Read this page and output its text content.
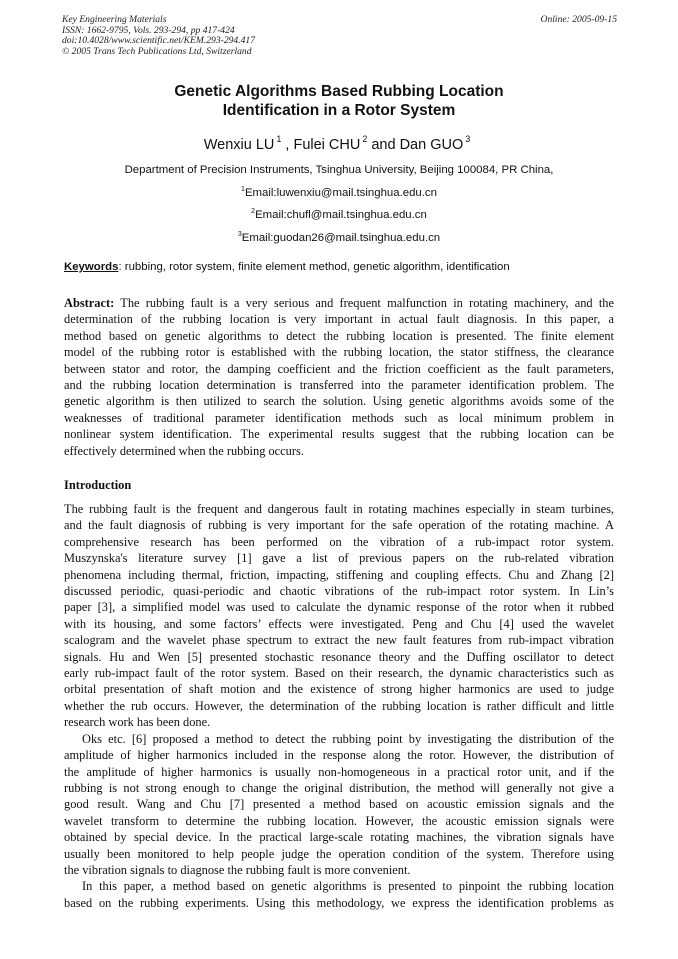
Key Engineering Materials
ISSN: 1662-9795, Vols. 293-294, pp 417-424
doi:10.4028/www.scientific.net/KEM.293-294.417
© 2005 Trans Tech Publications Ltd, Switzerland
Online: 2005-09-15
Genetic Algorithms Based Rubbing Location
Identification in a Rotor System
Wenxiu LU $^1$ , Fulei CHU $^2$ and Dan GUO $^3$
Department of Precision Instruments, Tsinghua University, Beijing 100084, PR China,
$^1$Email:luwenxiu@mail.tsinghua.edu.cn
$^2$Email:chufl@mail.tsinghua.edu.cn
$^3$Email:guodan26@mail.tsinghua.edu.cn
Keywords: rubbing, rotor system, finite element method, genetic algorithm, identification
Abstract: The rubbing fault is a very serious and frequent malfunction in rotating machinery, and the
determination of the rubbing location is very important in actual fault diagnosis. In this paper, a
method based on genetic algorithms to detect the rubbing location is presented. The finite element
model of the rubbing rotor is established with the rubbing location, the stator stiffness, the clearance
between stator and rotor, the damping coefficient and the friction coefficient as the fault parameters,
and the rubbing location determination is transferred into the parameter identification problem. The
genetic algorithm is then utilized to search the solution. Using genetic algorithms avoids some of the
weaknesses of traditional parameter identification methods such as local minimum problem in
nonlinear system identification. The experimental results suggest that the rubbing location can be
effectively determined when the rubbing occurs.
Introduction
The rubbing fault is the frequent and dangerous fault in rotating machines especially in steam turbines,
and the fault diagnosis of rubbing is very important for the safe operation of the rotating machine. A
comprehensive research has been performed on the vibration of a rub-impact rotor system.
Muszynska's literature survey [1] gave a list of previous papers on the rub-related vibration
phenomena including thermal, friction, impacting, stiffening and coupling effects. Chu and Zhang [2]
discussed periodic, quasi-periodic and chaotic vibrations of the rub-impact rotor system. In Lin’s
paper [3], a simplified model was used to calculate the dynamic response of the rotor when it rubbed
with its housing, and some factors’ effects were investigated. Peng and Chu [4] used the wavelet
scalogram and the wavelet phase spectrum to extract the new fault features from rub-impact vibration
signals. Hu and Wen [5] presented stochastic resonance theory and the Duffing oscillator to detect
early rub-impact fault of the rotor system. Based on their research, the dynamic characteristics such as
orbital presentation of shaft motion and the existence of strong higher harmonics are used to judge
whether the rub occurs. However, the determination of the rubbing location is rather difficult and little
research work has been done.
Oks etc. [6] proposed a method to detect the rubbing point by investigating the distribution of the
amplitude of higher harmonics included in the response along the rotor. However, the distribution of
the amplitude of higher harmonics is usually non-homogeneous in a practical rotor unit, and if the
rubbing is not strong enough to change the original distribution, the method will generally not give a
good result. Wang and Chu [7] presented a method based on acoustic emission signals and the
wavelet transform to determine the rubbing location. However, the acoustic emission signals were
obtained by special device. In the practical large-scale rotating machines, the vibration signals have
usually been monitored to help people judge the operation condition of the system. Therefore using
the vibration signals to diagnose the rubbing fault is more convenient.
In this paper, a method based on genetic algorithms is presented to pinpoint the rubbing location
based on the rubbing experiments. Using this methodology, we express the identification problems as
